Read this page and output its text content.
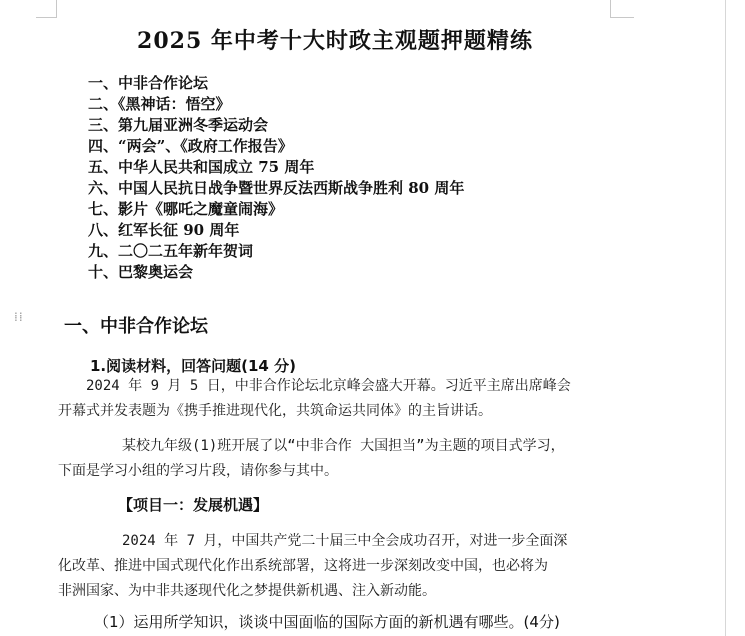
2025 年中考十大时政主观题押题精练
一、中非合作论坛
二、《黑神话：悟空》
三、第九届亚洲冬季运动会
四、“两会”、《政府工作报告》
五、中华人民共和国成立 75 周年
六、中国人民抗日战争暨世界反法西斯战争胜利 80 周年
七、影片《哪吒之魔童闹海》
八、红军长征 90 周年
九、二〇二五年新年贺词
十、巴黎奥运会
⁞⁞ 一、中非合作论坛
1.阅读材料，回答问题(14 分)
2024 年 9 月 5 日，中非合作论坛北京峰会盛大开幕。习近平主席出席峰会
开幕式并发表题为《携手推进现代化，共筑命运共同体》的主旨讲话。
某校九年级(1)班开展了以“中非合作 大国担当”为主题的项目式学习，
下面是学习小组的学习片段，请你参与其中。
【项目一：发展机遇】
2024 年 7 月，中国共产党二十届三中全会成功召开，对进一步全面深
化改革、推进中国式现代化作出系统部署，这将进一步深刻改变中国，也必将为
非洲国家、为中非共逐现代化之梦提供新机遇、注入新动能。
（1）运用所学知识，谈谈中国面临的国际方面的新机遇有哪些。(4分)
